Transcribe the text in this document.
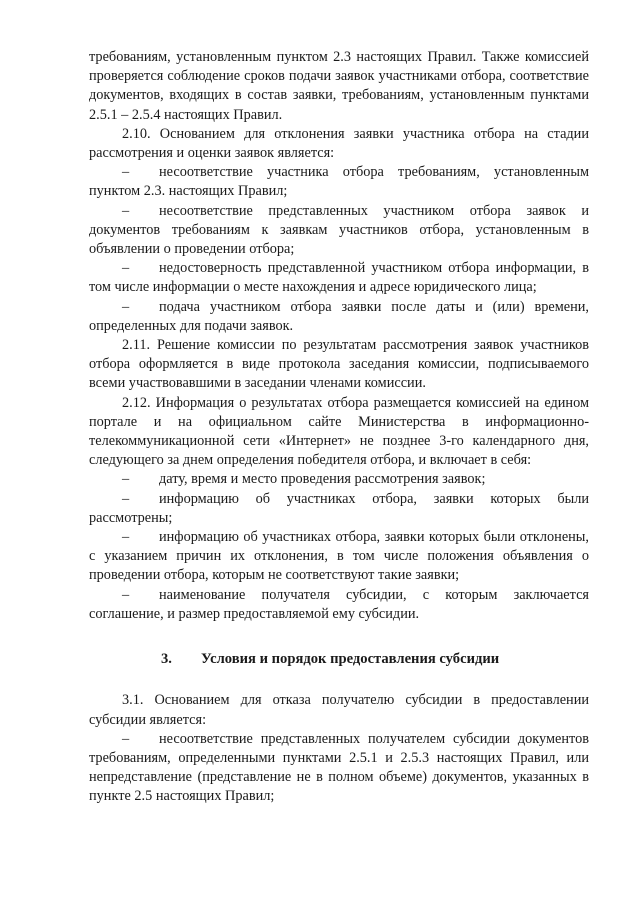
требованиям, установленным пунктом 2.3 настоящих Правил. Также комиссией проверяется соблюдение сроков подачи заявок участниками отбора, соответствие документов, входящих в состав заявки, требованиям, установленным пунктами 2.5.1 – 2.5.4 настоящих Правил.

2.10. Основанием для отклонения заявки участника отбора на стадии рассмотрения и оценки заявок является:

– несоответствие участника отбора требованиям, установленным пунктом 2.3. настоящих Правил;

– несоответствие представленных участником отбора заявок и документов требованиям к заявкам участников отбора, установленным в объявлении о проведении отбора;

– недостоверность представленной участником отбора информации, в том числе информации о месте нахождения и адресе юридического лица;

– подача участником отбора заявки после даты и (или) времени, определенных для подачи заявок.

2.11. Решение комиссии по результатам рассмотрения заявок участников отбора оформляется в виде протокола заседания комиссии, подписываемого всеми участвовавшими в заседании членами комиссии.

2.12. Информация о результатах отбора размещается комиссией на едином портале и на официальном сайте Министерства в информационно-телекоммуникационной сети «Интернет» не позднее 3-го календарного дня, следующего за днем определения победителя отбора, и включает в себя:

– дату, время и место проведения рассмотрения заявок;

– информацию об участниках отбора, заявки которых были рассмотрены;

– информацию об участниках отбора, заявки которых были отклонены, с указанием причин их отклонения, в том числе положения объявления о проведении отбора, которым не соответствуют такие заявки;

– наименование получателя субсидии, с которым заключается соглашение, и размер предоставляемой ему субсидии.

3. Условия и порядок предоставления субсидии

3.1. Основанием для отказа получателю субсидии в предоставлении субсидии является:

– несоответствие представленных получателем субсидии документов требованиям, определенными пунктами 2.5.1 и 2.5.3 настоящих Правил, или непредставление (представление не в полном объеме) документов, указанных в пункте 2.5 настоящих Правил;
